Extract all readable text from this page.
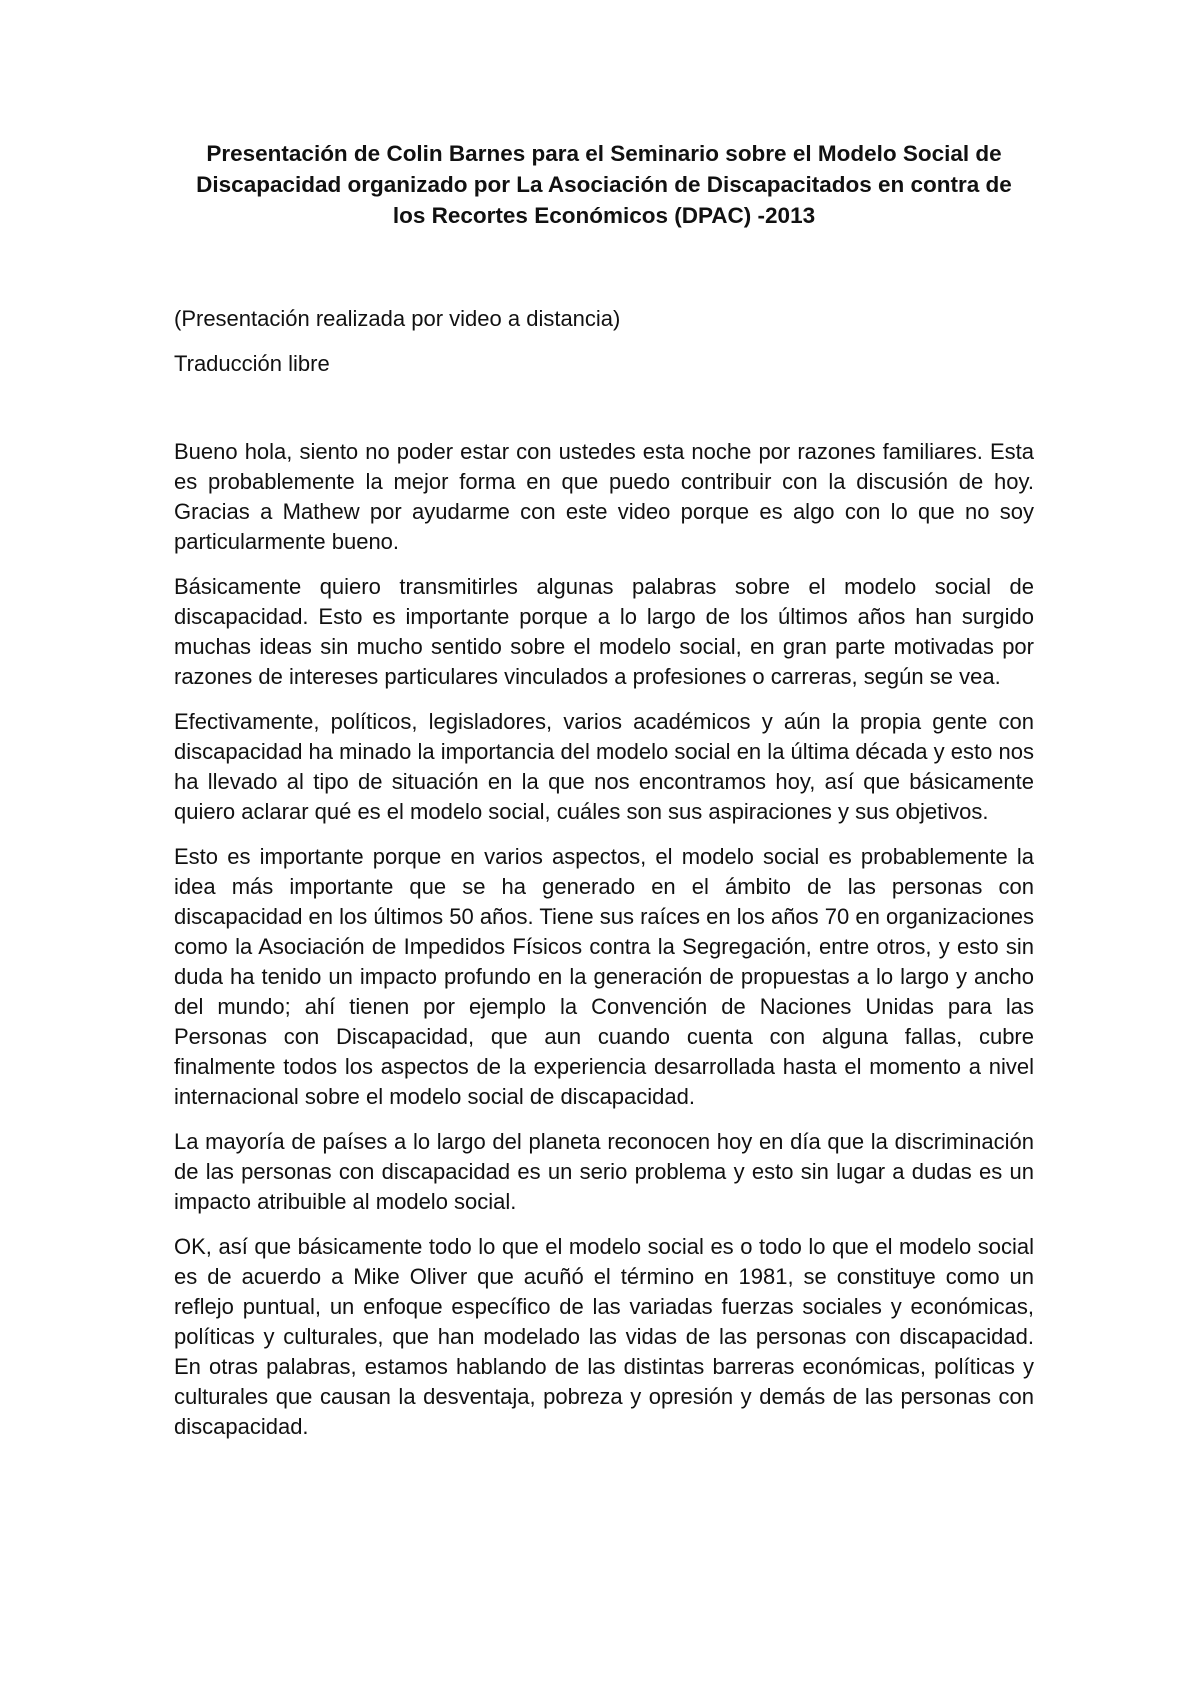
Presentación de Colin Barnes para el Seminario sobre el Modelo Social de Discapacidad organizado por La Asociación de Discapacitados en contra de los Recortes Económicos (DPAC) -2013

(Presentación realizada por video a distancia)

Traducción libre

Bueno hola, siento no poder estar con ustedes esta noche por razones familiares. Esta es probablemente la mejor forma en que puedo contribuir con la discusión de hoy. Gracias a Mathew por ayudarme con este video porque es algo con lo que no soy particularmente bueno.

Básicamente quiero transmitirles algunas palabras sobre el modelo social de discapacidad. Esto es importante porque a lo largo de los últimos años han surgido muchas ideas sin mucho sentido sobre el modelo social, en gran parte motivadas por razones de intereses particulares vinculados a profesiones o carreras, según se vea.

Efectivamente, políticos, legisladores, varios académicos y aún la propia gente con discapacidad ha minado la importancia del modelo social en la última década y esto nos ha llevado al tipo de situación en la que nos encontramos hoy, así que básicamente quiero aclarar qué es el modelo social, cuáles son sus aspiraciones y sus objetivos.

Esto es importante porque en varios aspectos, el modelo social es probablemente la idea más importante que se ha generado en el ámbito de las personas con discapacidad en los últimos 50 años. Tiene sus raíces en los años 70 en organizaciones como la Asociación de Impedidos Físicos contra la Segregación, entre otros, y esto sin duda ha tenido un impacto profundo en la generación de propuestas a lo largo y ancho del mundo; ahí tienen por ejemplo la Convención de Naciones Unidas para las Personas con Discapacidad, que aun cuando cuenta con alguna fallas, cubre finalmente todos los aspectos de la experiencia desarrollada hasta el momento a nivel internacional sobre el modelo social de discapacidad.

La mayoría de países a lo largo del planeta reconocen hoy en día que la discriminación de las personas con discapacidad es un serio problema y esto sin lugar a dudas es un impacto atribuible al modelo social.

OK, así que básicamente todo lo que el modelo social es o todo lo que el modelo social es de acuerdo a Mike Oliver que acuñó el término en 1981, se constituye como un reflejo puntual, un enfoque específico de las variadas fuerzas sociales y económicas, políticas y culturales, que han modelado las vidas de las personas con discapacidad. En otras palabras, estamos hablando de las distintas barreras económicas, políticas y culturales que causan la desventaja, pobreza y opresión y demás de las personas con discapacidad.
